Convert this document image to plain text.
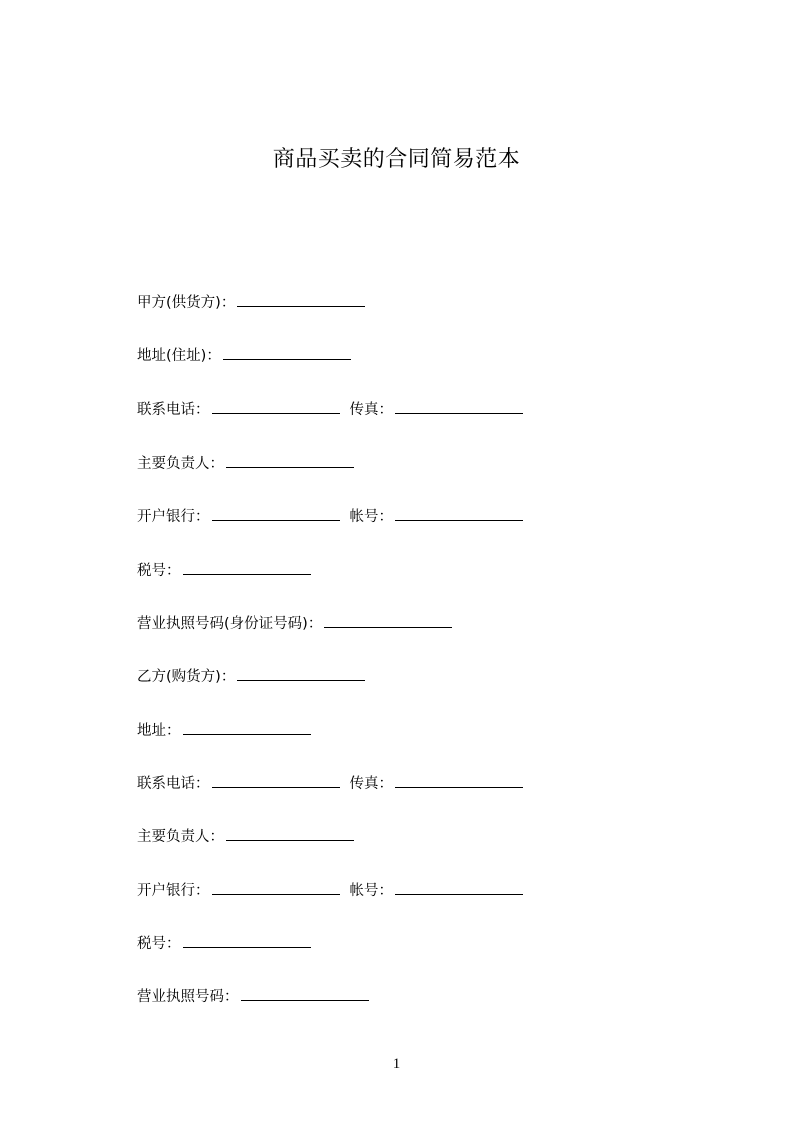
商品买卖的合同简易范本
甲方(供货方)：
地址(住址)：
联系电话：	传真：
主要负责人：
开户银行：	帐号：
税号：
营业执照号码(身份证号码)：
乙方(购货方)：
地址：
联系电话：	传真：
主要负责人：
开户银行：	帐号：
税号：
营业执照号码：
1
